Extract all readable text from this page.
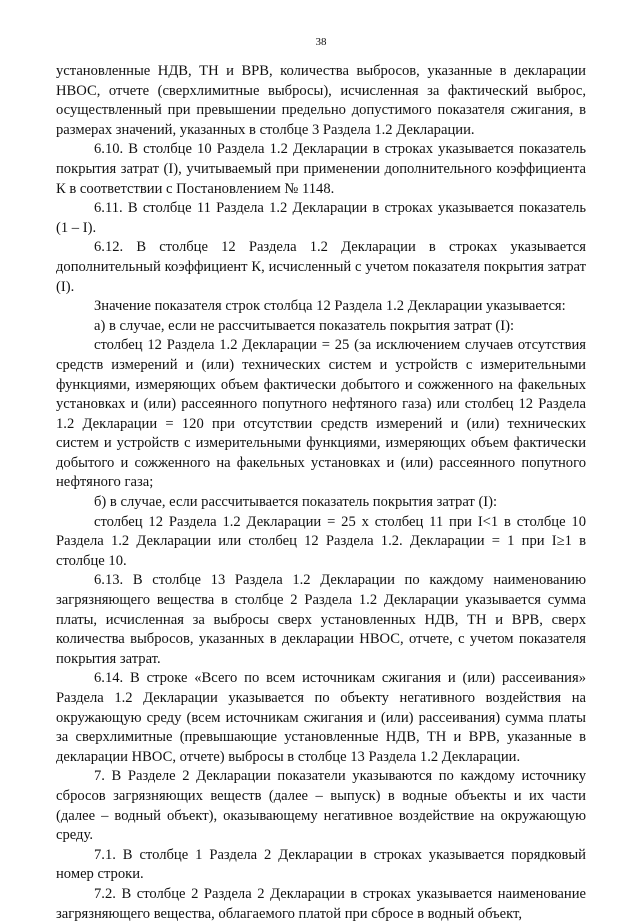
38

установленные НДВ, ТН и ВРВ, количества выбросов, указанные в декларации НВОС, отчете (сверхлимитные выбросы), исчисленная за фактический выброс, осуществленный при превышении предельно допустимого показателя сжигания, в размерах значений, указанных в столбце 3 Раздела 1.2 Декларации.

6.10. В столбце 10 Раздела 1.2 Декларации в строках указывается показатель покрытия затрат (I), учитываемый при применении дополнительного коэффициента К в соответствии с Постановлением № 1148.

6.11. В столбце 11 Раздела 1.2 Декларации в строках указывается показатель (1 – I).

6.12. В столбце 12 Раздела 1.2 Декларации в строках указывается дополнительный коэффициент К, исчисленный с учетом показателя покрытия затрат (I).

Значение показателя строк столбца 12 Раздела 1.2 Декларации указывается:

а) в случае, если не рассчитывается показатель покрытия затрат (I):

столбец 12 Раздела 1.2 Декларации = 25 (за исключением случаев отсутствия средств измерений и (или) технических систем и устройств с измерительными функциями, измеряющих объем фактически добытого и сожженного на факельных установках и (или) рассеянного попутного нефтяного газа) или столбец 12 Раздела 1.2 Декларации = 120 при отсутствии средств измерений и (или) технических систем и устройств с измерительными функциями, измеряющих объем фактически добытого и сожженного на факельных установках и (или) рассеянного попутного нефтяного газа;

б) в случае, если рассчитывается показатель покрытия затрат (I):

столбец 12 Раздела 1.2 Декларации = 25 х столбец 11 при I<1 в столбце 10 Раздела 1.2 Декларации или столбец 12 Раздела 1.2. Декларации = 1 при I≥1 в столбце 10.

6.13. В столбце 13 Раздела 1.2 Декларации по каждому наименованию загрязняющего вещества в столбце 2 Раздела 1.2 Декларации указывается сумма платы, исчисленная за выбросы сверх установленных НДВ, ТН и ВРВ, сверх количества выбросов, указанных в декларации НВОС, отчете, с учетом показателя покрытия затрат.

6.14. В строке «Всего по всем источникам сжигания и (или) рассеивания» Раздела 1.2 Декларации указывается по объекту негативного воздействия на окружающую среду (всем источникам сжигания и (или) рассеивания) сумма платы за сверхлимитные (превышающие установленные НДВ, ТН и ВРВ, указанные в декларации НВОС, отчете) выбросы в столбце 13 Раздела 1.2 Декларации.

7. В Разделе 2 Декларации показатели указываются по каждому источнику сбросов загрязняющих веществ (далее – выпуск) в водные объекты и их части (далее – водный объект), оказывающему негативное воздействие на окружающую среду.

7.1. В столбце 1 Раздела 2 Декларации в строках указывается порядковый номер строки.

7.2. В столбце 2 Раздела 2 Декларации в строках указывается наименование загрязняющего вещества, облагаемого платой при сбросе в водный объект,
